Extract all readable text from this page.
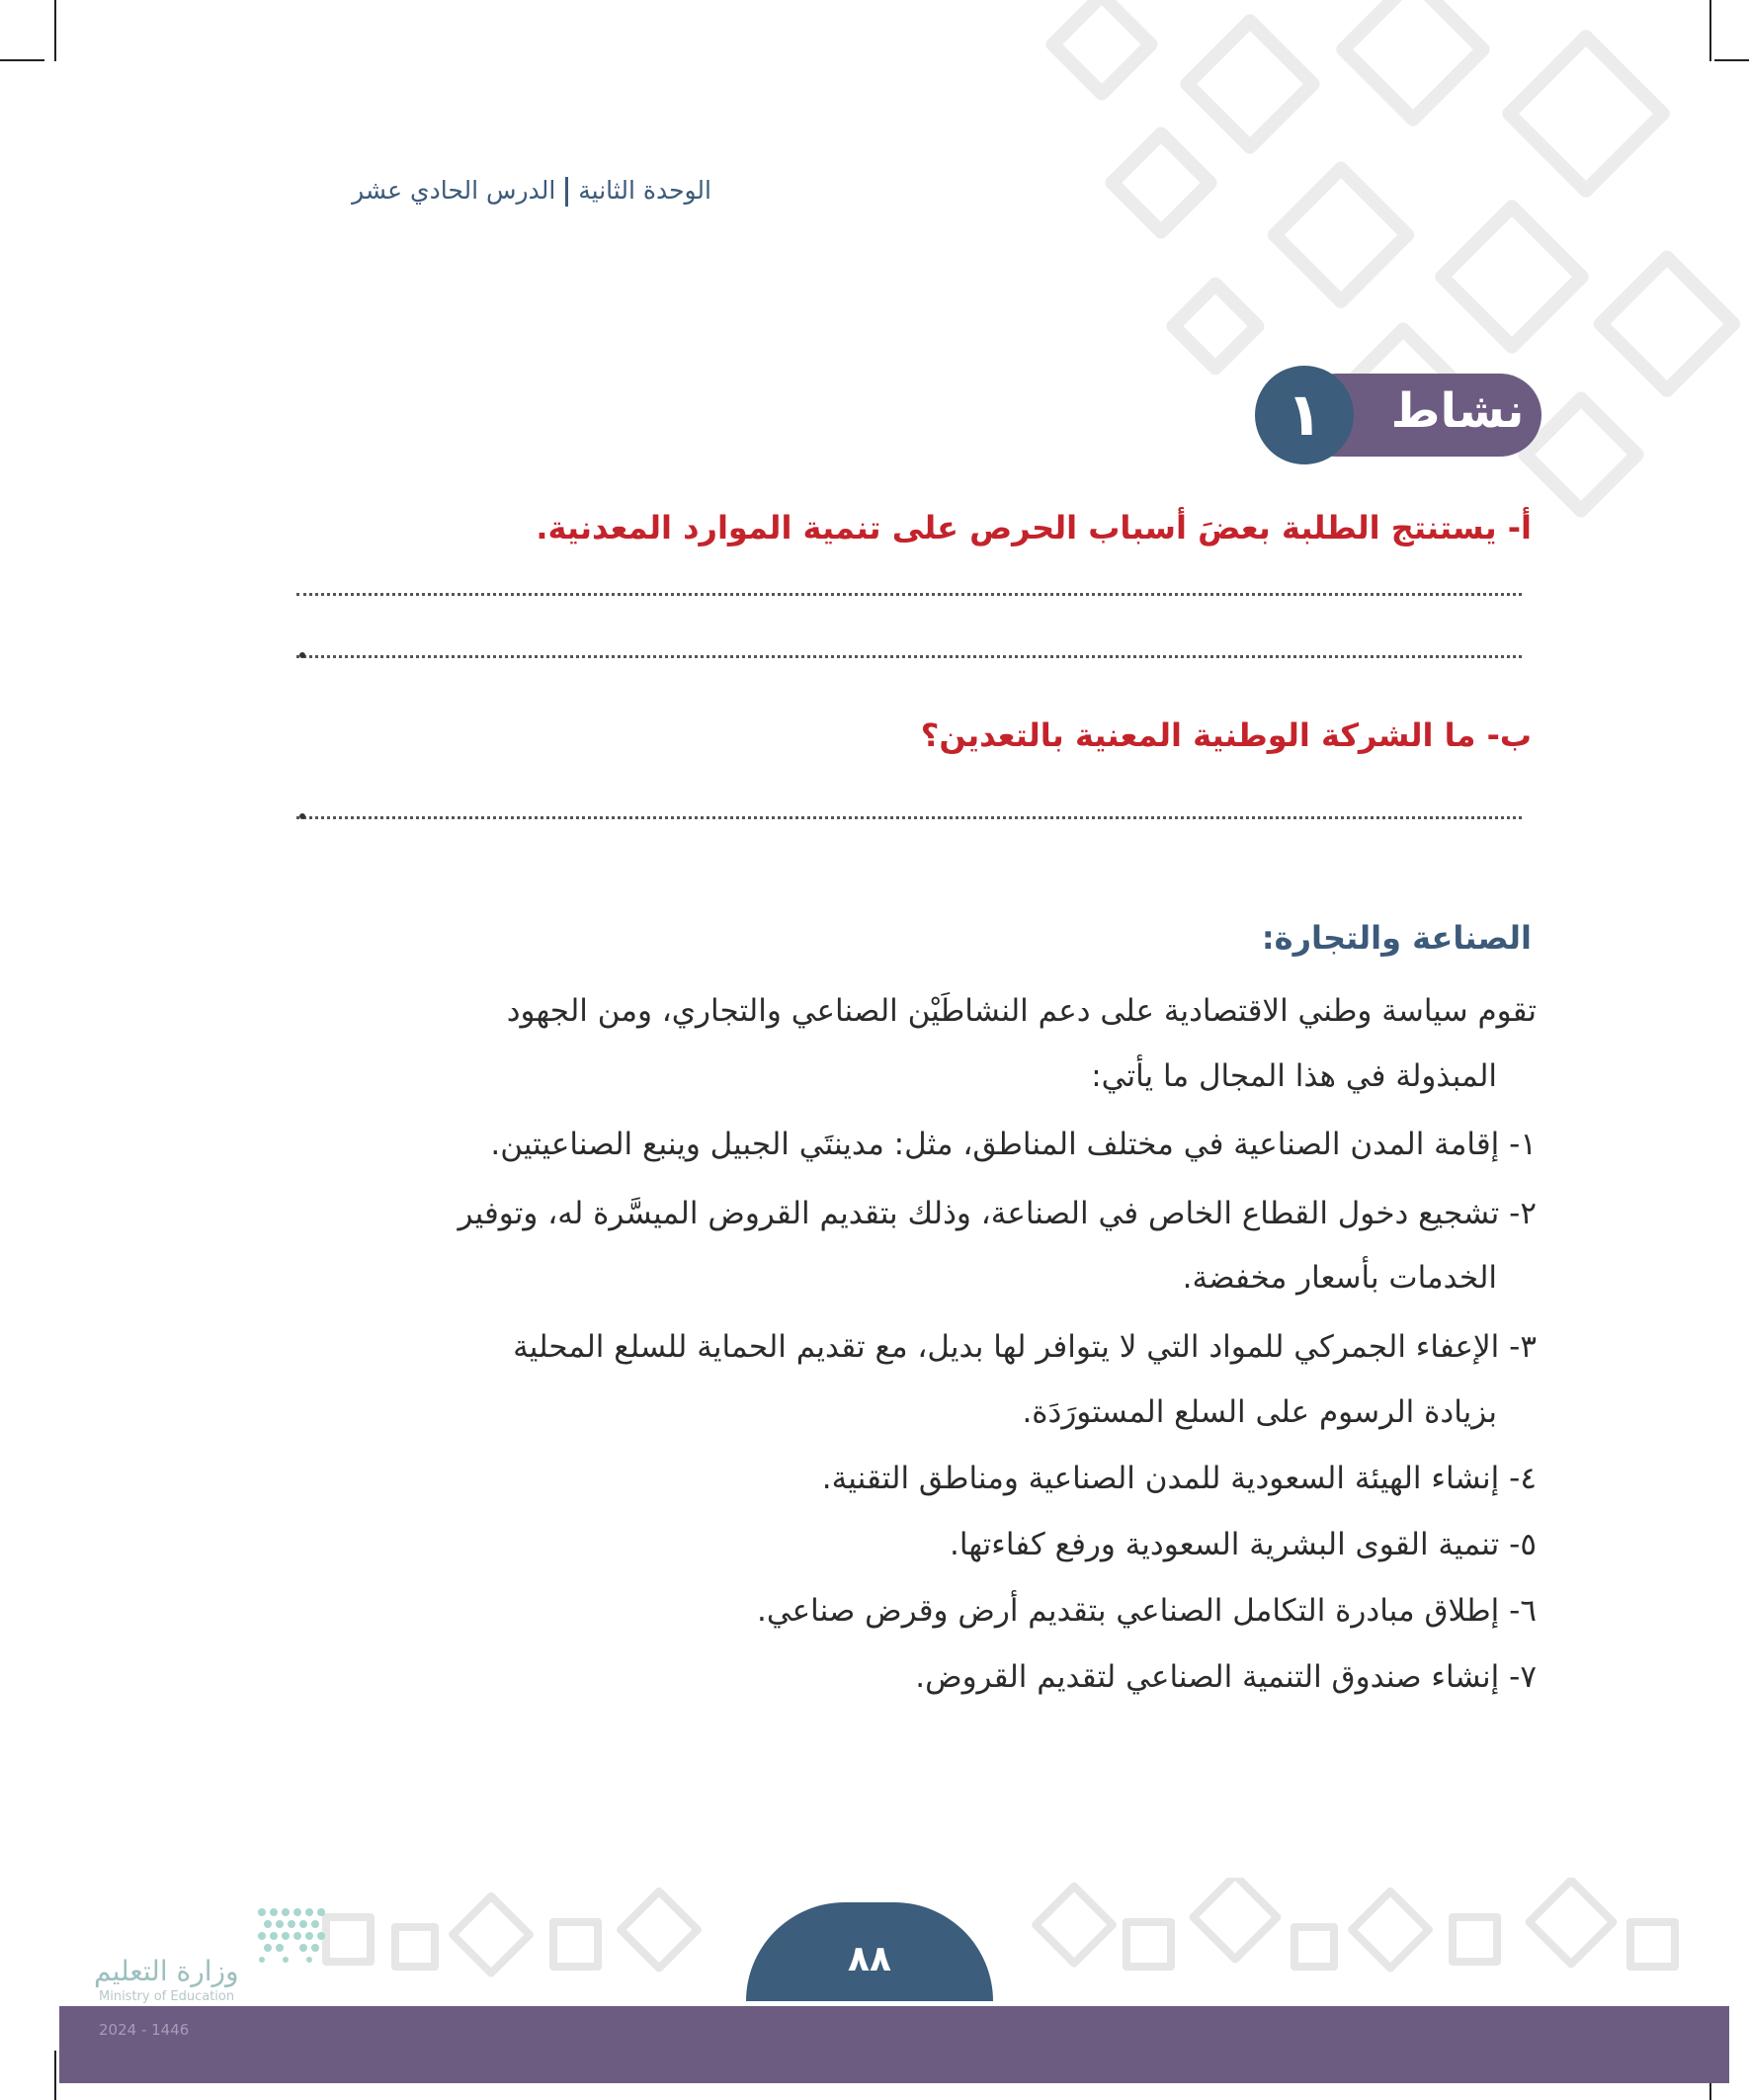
الوحدة الثانيةالدرس الحادي عشر
نشاط
١
أ- يستنتج الطلبة بعضَ أسباب الحرص على تنمية الموارد المعدنية.
ب- ما الشركة الوطنية المعنية بالتعدين؟
الصناعة والتجارة:
تقوم سياسة وطني الاقتصادية على دعم النشاطَيْن الصناعي والتجاري، ومن الجهود
المبذولة في هذا المجال ما يأتي:
١- إقامة المدن الصناعية في مختلف المناطق، مثل: مدينتَي الجبيل وينبع الصناعيتين.
٢- تشجيع دخول القطاع الخاص في الصناعة، وذلك بتقديم القروض الميسَّرة له، وتوفير
الخدمات بأسعار مخفضة.
٣- الإعفاء الجمركي للمواد التي لا يتوافر لها بديل، مع تقديم الحماية للسلع المحلية
بزيادة الرسوم على السلع المستورَدَة.
٤- إنشاء الهيئة السعودية للمدن الصناعية ومناطق التقنية.
٥- تنمية القوى البشرية السعودية ورفع كفاءتها.
٦- إطلاق مبادرة التكامل الصناعي بتقديم أرض وقرض صناعي.
٧- إنشاء صندوق التنمية الصناعي لتقديم القروض.
٨٨
وزارة التعليم
Ministry of Education
2024 - 1446
